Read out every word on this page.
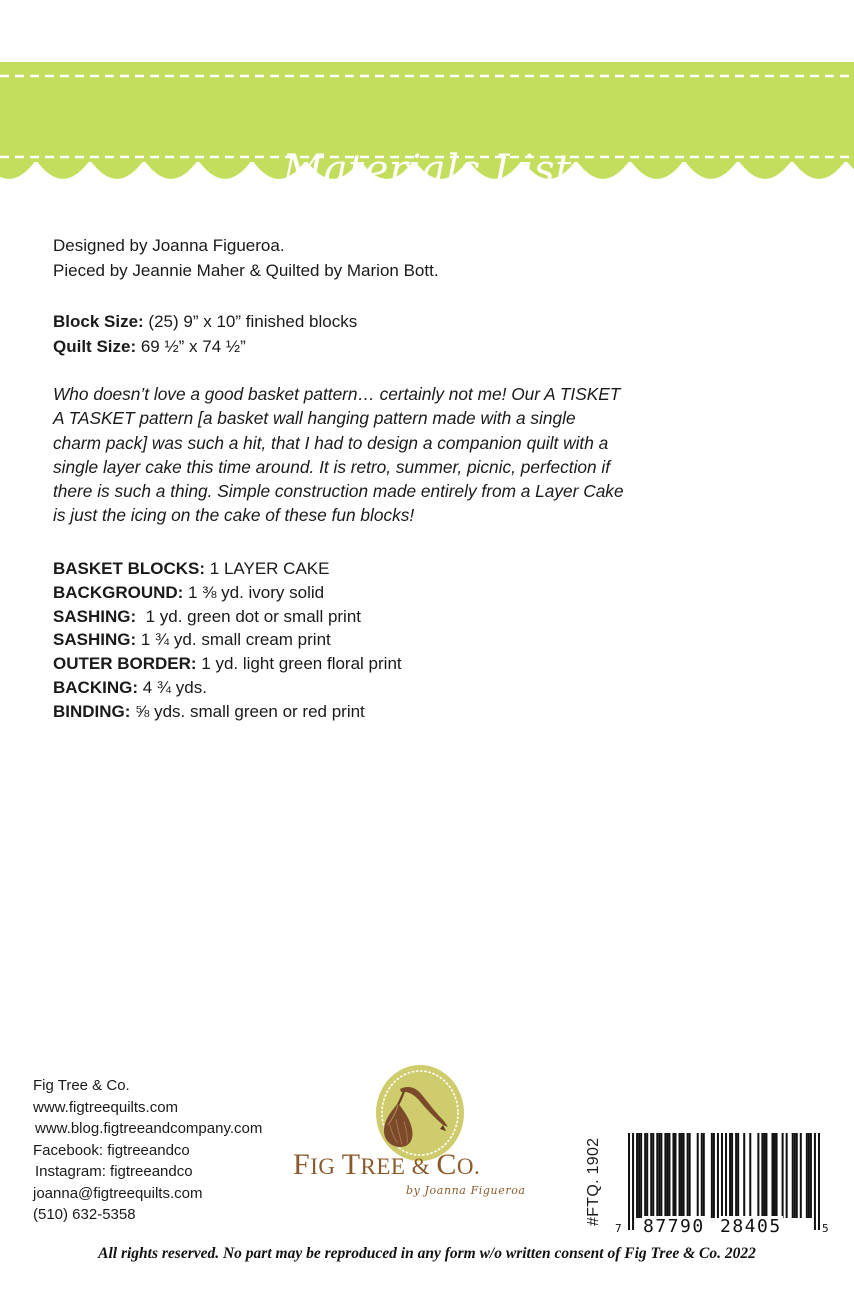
Materials List
Designed by Joanna Figueroa.
Pieced by Jeannie Maher & Quilted by Marion Bott.
Block Size: (25) 9” x 10” finished blocks
Quilt Size: 69 ½” x 74 ½”
Who doesn’t love a good basket pattern… certainly not me! Our A TISKET
A TASKET pattern [a basket wall hanging pattern made with a single
charm pack] was such a hit, that I had to design a companion quilt with a
single layer cake this time around. It is retro, summer, picnic, perfection if
there is such a thing. Simple construction made entirely from a Layer Cake
is just the icing on the cake of these fun blocks!
BASKET BLOCKS: 1 LAYER CAKE
BACKGROUND: 1 ⅜ yd. ivory solid
SASHING:  1 yd. green dot or small print
SASHING: 1 ¾ yd. small cream print
OUTER BORDER: 1 yd. light green floral print
BACKING: 4 ¾ yds.
BINDING: ⅝ yds. small green or red print
Fig Tree & Co.
www.figtreequilts.com
www.blog.figtreeandcompany.com
Facebook: figtreeandco
Instagram: figtreeandco
joanna@figtreequilts.com
(510) 632-5358
FIG TREE & CO.
by Joanna Figueroa	#FTQ. 1902
7 87790 28405	5
All rights reserved. No part may be reproduced in any form w/o written consent of Fig Tree & Co. 2022
